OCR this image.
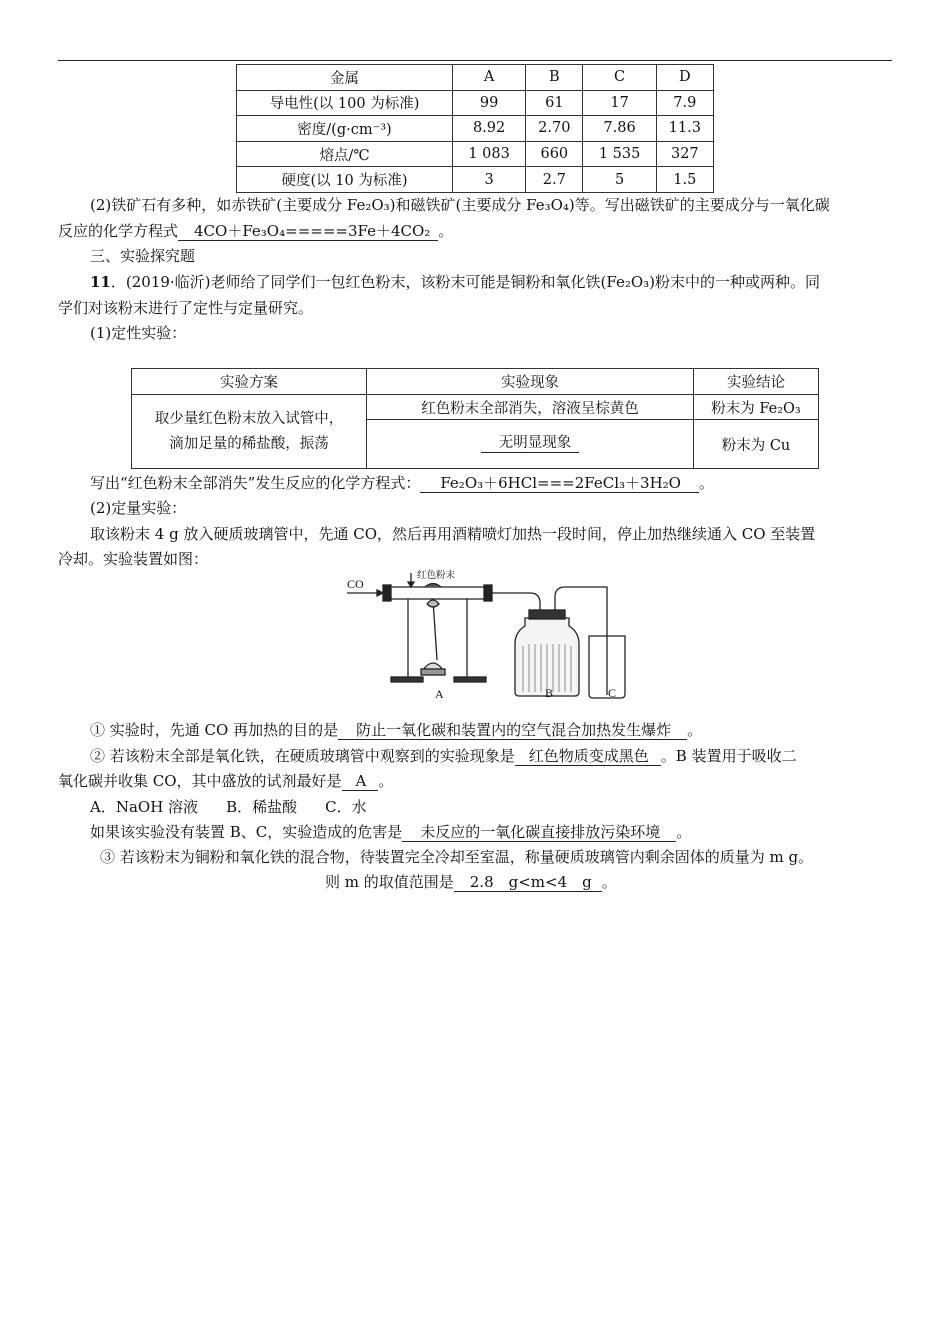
金属	A	B	C	D
导电性(以 100 为标准)	99	61	17	7.9
密度/(g·cm⁻³)	8.92	2.70	7.86	11.3
熔点/℃	1 083	660	1 535	327
硬度(以 10 为标准)	3	2.7	5	1.5
(2)铁矿石有多种，如赤铁矿(主要成分 Fe₂O₃)和磁铁矿(主要成分 Fe₃O₄)等。写出磁铁矿的主要成分与一氧化碳
反应的化学方程式 4CO＋Fe₃O₄=====3Fe＋4CO₂ 。
三、实验探究题
11．(2019·临沂)老师给了同学们一包红色粉末，该粉末可能是铜粉和氧化铁(Fe₂O₃)粉末中的一种或两种。同
学们对该粉末进行了定性与定量研究。
(1)定性实验：
实验方案	实验现象	实验结论
取少量红色粉末放入试管中，滴加足量的稀盐酸，振荡	红色粉末全部消失，溶液呈棕黄色	粉末为 Fe₂O₃
	无明显现象	粉末为 Cu
写出“红色粉末全部消失”发生反应的化学方程式： Fe₂O₃＋6HCl===2FeCl₃＋3H₂O 。
(2)定量实验：
取该粉末 4 g 放入硬质玻璃管中，先通 CO，然后再用酒精喷灯加热一段时间，停止加热继续通入 CO 至装置
冷却。实验装置如图：
CO
红色粉末
A	B	C
① 实验时，先通 CO 再加热的目的是 防止一氧化碳和装置内的空气混合加热发生爆炸 。
② 若该粉末全部是氧化铁，在硬质玻璃管中观察到的实验现象是 红色物质变成黑色 。B 装置用于吸收二
氧化碳并收集 CO，其中盛放的试剂最好是 A 。
A．NaOH 溶液 B．稀盐酸 C．水
如果该实验没有装置 B、C，实验造成的危害是 未反应的一氧化碳直接排放污染环境 。
③ 若该粉末为铜粉和氧化铁的混合物，待装置完全冷却至室温，称量硬质玻璃管内剩余固体的质量为 m g。
则 m 的取值范围是 2.8　g<m<4　g 。
